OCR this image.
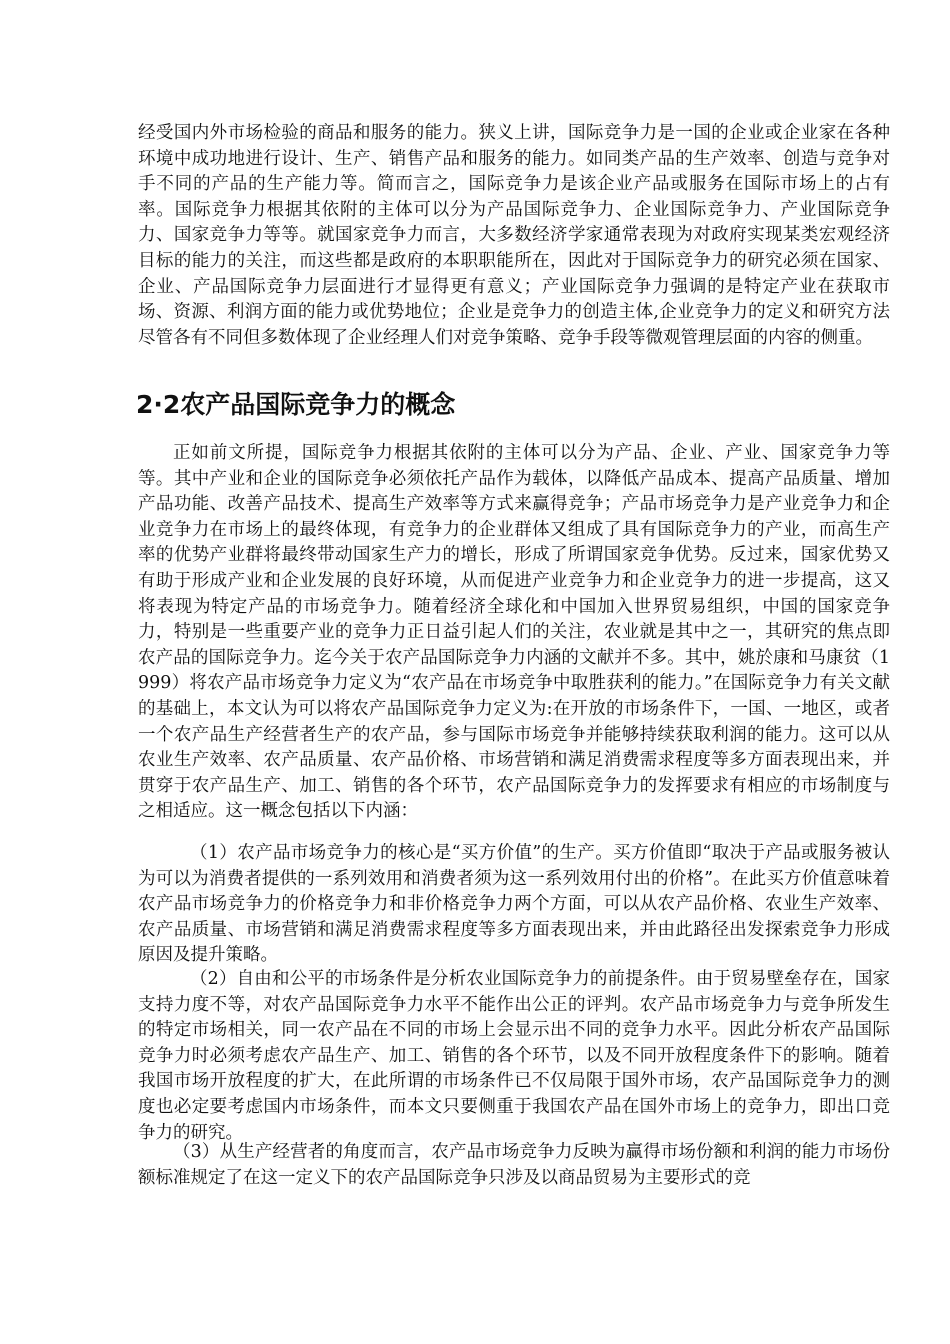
经受国内外市场检验的商品和服务的能力。狭义上讲，国际竞争力是一国的企业或企业家在各种环境中成功地进行设计、生产、销售产品和服务的能力。如同类产品的生产效率、创造与竞争对手不同的产品的生产能力等。简而言之，国际竞争力是该企业产品或服务在国际市场上的占有率。国际竞争力根据其依附的主体可以分为产品国际竞争力、企业国际竞争力、产业国际竞争力、国家竞争力等等。就国家竞争力而言，大多数经济学家通常表现为对政府实现某类宏观经济目标的能力的关注，而这些都是政府的本职职能所在，因此对于国际竞争力的研究必须在国家、企业、产品国际竞争力层面进行才显得更有意义；产业国际竞争力强调的是特定产业在获取市场、资源、利润方面的能力或优势地位；企业是竞争力的创造主体,企业竞争力的定义和研究方法尽管各有不同但多数体现了企业经理人们对竞争策略、竞争手段等微观管理层面的内容的侧重。
2·2农产品国际竞争力的概念
正如前文所提，国际竞争力根据其依附的主体可以分为产品、企业、产业、国家竞争力等等。其中产业和企业的国际竞争必须依托产品作为载体，以降低产品成本、提高产品质量、增加产品功能、改善产品技术、提高生产效率等方式来赢得竞争；产品市场竞争力是产业竞争力和企业竞争力在市场上的最终体现，有竞争力的企业群体又组成了具有国际竞争力的产业，而高生产率的优势产业群将最终带动国家生产力的增长，形成了所谓国家竞争优势。反过来，国家优势又有助于形成产业和企业发展的良好环境，从而促进产业竞争力和企业竞争力的进一步提高，这又将表现为特定产品的市场竞争力。随着经济全球化和中国加入世界贸易组织，中国的国家竞争力，特别是一些重要产业的竞争力正日益引起人们的关注，农业就是其中之一，其研究的焦点即农产品的国际竞争力。迄今关于农产品国际竞争力内涵的文献并不多。其中，姚於康和马康贫（1999）将农产品市场竞争力定义为“农产品在市场竞争中取胜获利的能力。”在国际竞争力有关文献的基础上，本文认为可以将农产品国际竞争力定义为:在开放的市场条件下，一国、一地区，或者一个农产品生产经营者生产的农产品，参与国际市场竞争并能够持续获取利润的能力。这可以从农业生产效率、农产品质量、农产品价格、市场营销和满足消费需求程度等多方面表现出来，并贯穿于农产品生产、加工、销售的各个环节，农产品国际竞争力的发挥要求有相应的市场制度与之相适应。这一概念包括以下内涵：
（1）农产品市场竞争力的核心是“买方价值”的生产。买方价值即“取决于产品或服务被认为可以为消费者提供的一系列效用和消费者须为这一系列效用付出的价格”。在此买方价值意味着农产品市场竞争力的价格竞争力和非价格竞争力两个方面，可以从农产品价格、农业生产效率、农产品质量、市场营销和满足消费需求程度等多方面表现出来，并由此路径出发探索竞争力形成原因及提升策略。
（2）自由和公平的市场条件是分析农业国际竞争力的前提条件。由于贸易壁垒存在，国家支持力度不等，对农产品国际竞争力水平不能作出公正的评判。农产品市场竞争力与竞争所发生的特定市场相关，同一农产品在不同的市场上会显示出不同的竞争力水平。因此分析农产品国际竞争力时必须考虑农产品生产、加工、销售的各个环节，以及不同开放程度条件下的影响。随着我国市场开放程度的扩大，在此所谓的市场条件已不仅局限于国外市场，农产品国际竞争力的测度也必定要考虑国内市场条件，而本文只要侧重于我国农产品在国外市场上的竞争力，即出口竞争力的研究。
（3）从生产经营者的角度而言，农产品市场竞争力反映为赢得市场份额和利润的能力市场份额标准规定了在这一定义下的农产品国际竞争只涉及以商品贸易为主要形式的竞
